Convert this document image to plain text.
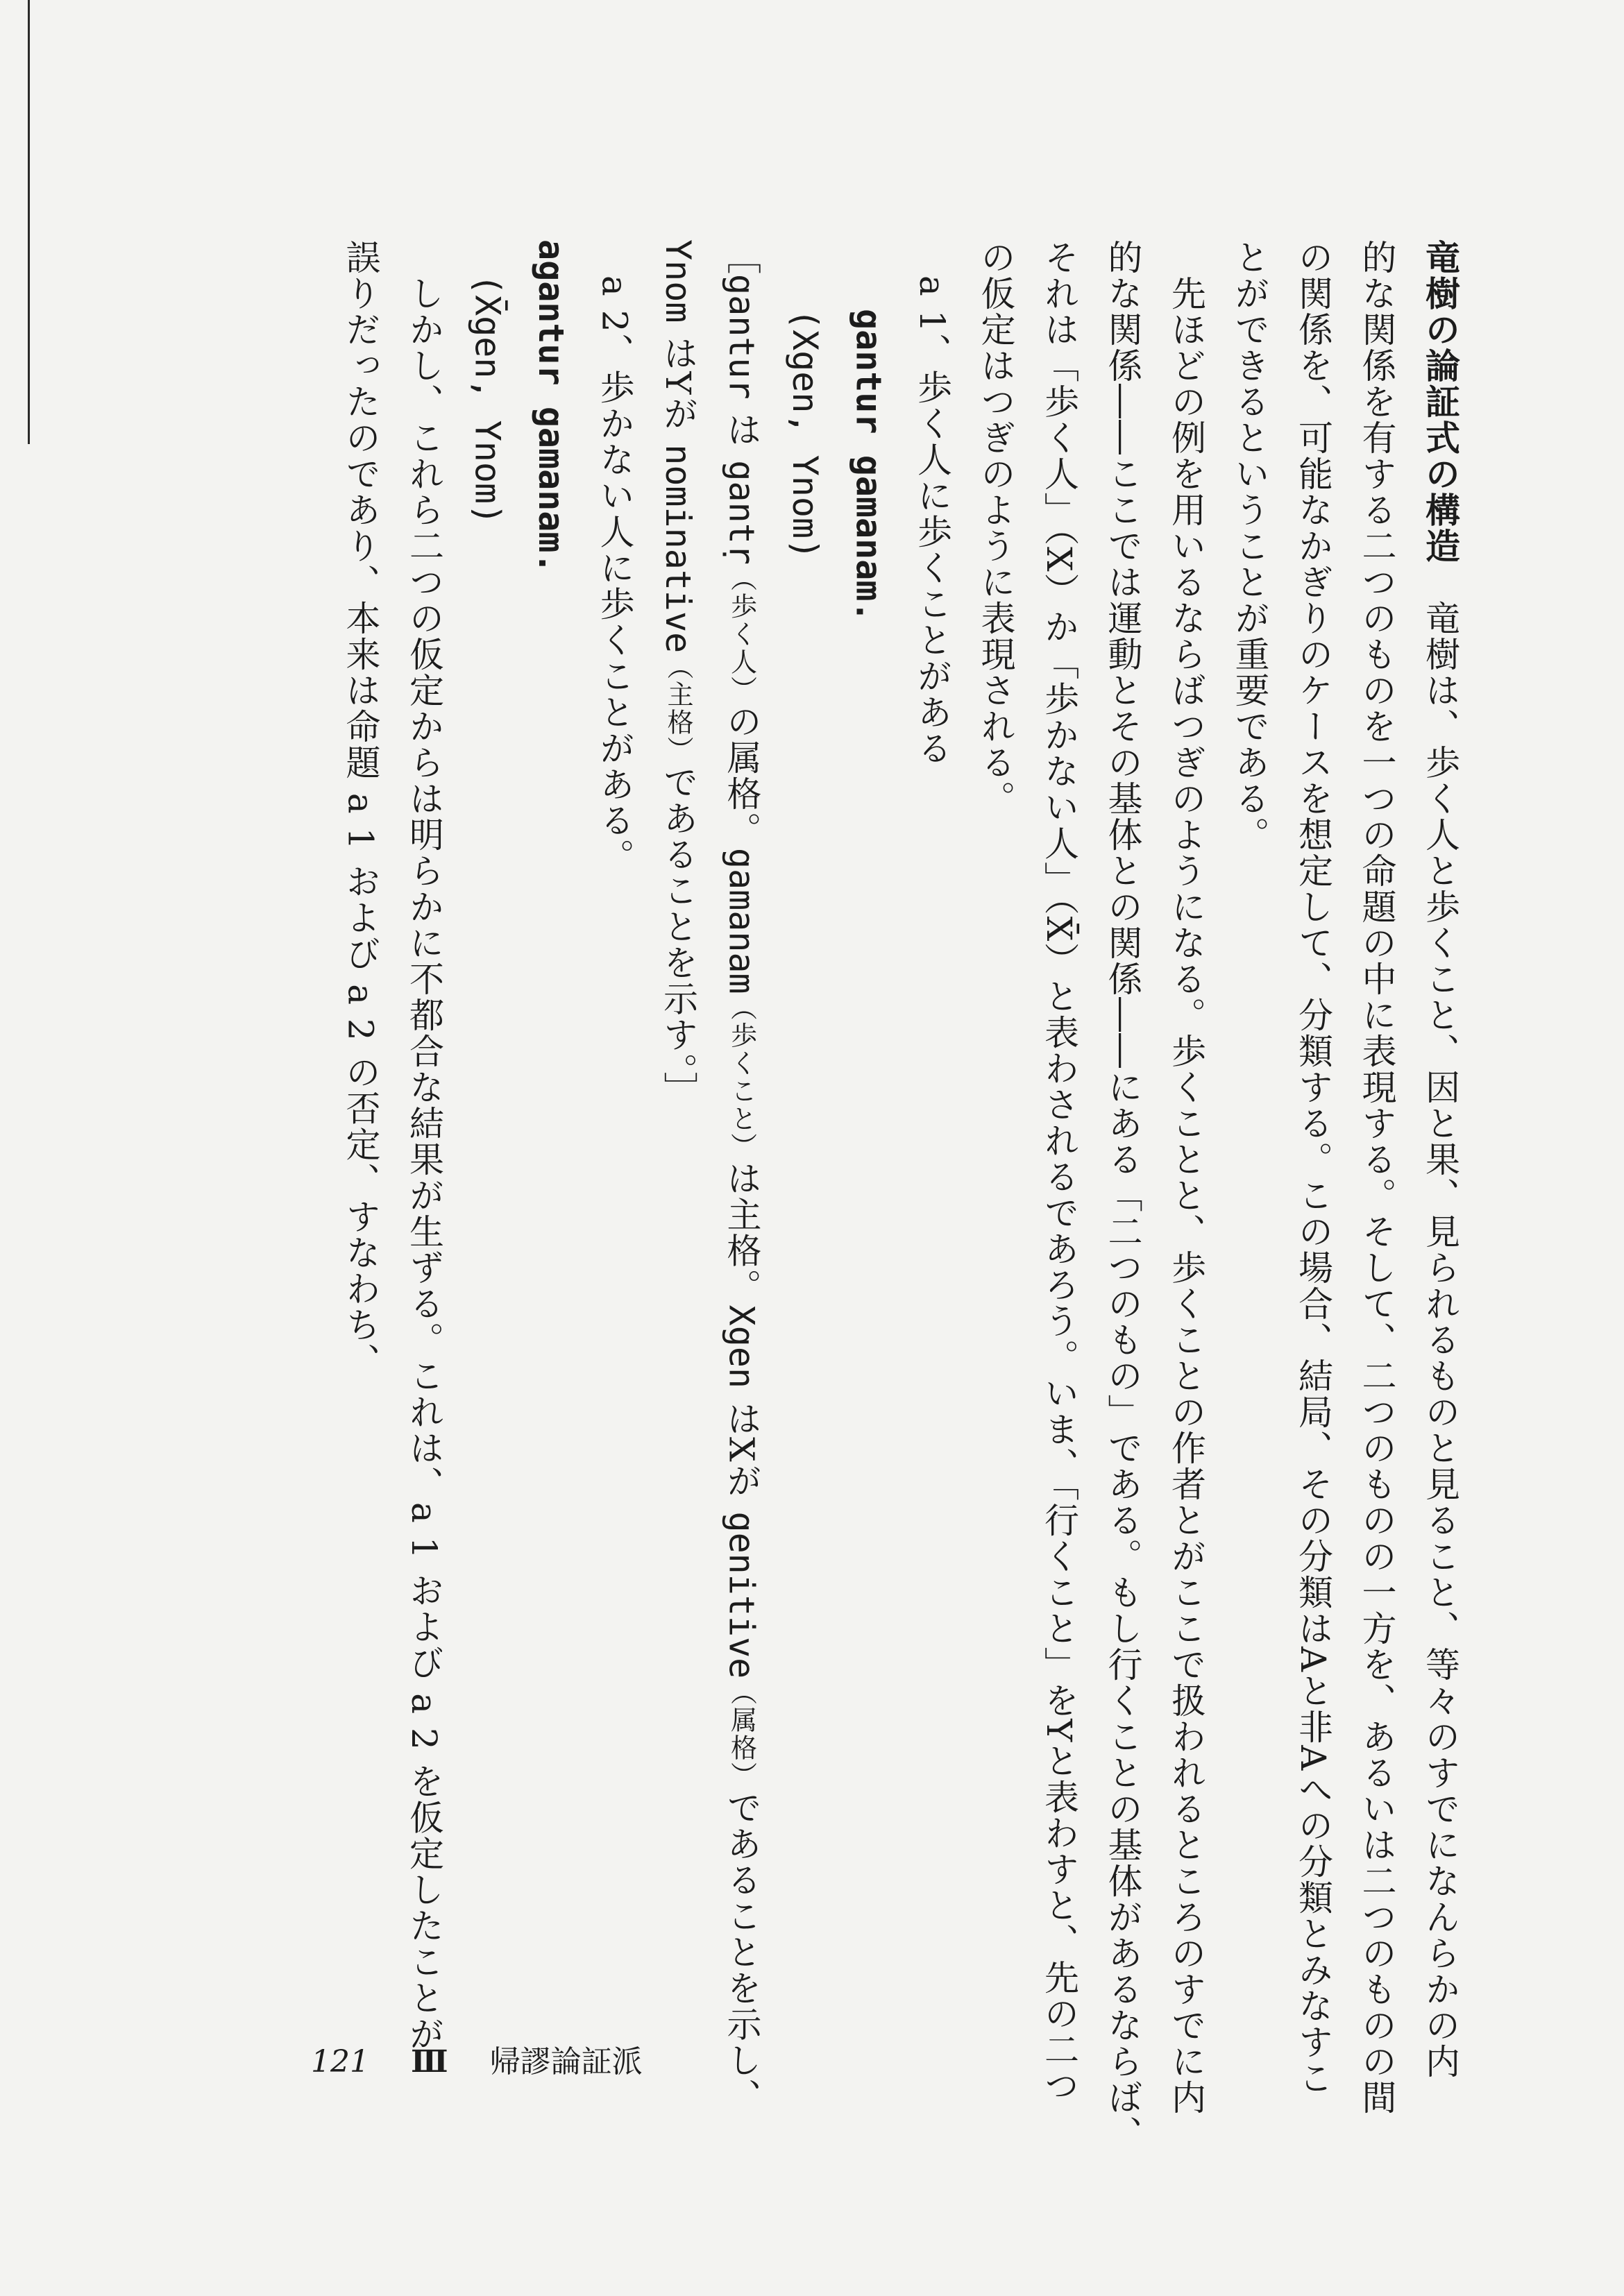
竜樹の論証式の構造　竜樹は、歩く人と歩くこと、因と果、見られるものと見ること、等々のすでになんらかの内
的な関係を有する二つのものを一つの命題の中に表現する。そして、二つのものの一方を、あるいは二つのものの間
の関係を、可能なかぎりのケースを想定して、分類する。この場合、結局、その分類はAと非Aへの分類とみなすこ
とができるということが重要である。
　先ほどの例を用いるならばつぎのようになる。歩くことと、歩くことの作者とがここで扱われるところのすでに内
的な関係――ここでは運動とその基体との関係――にある「二つのもの」である。もし行くことの基体があるならば、
それは「歩く人」（X）か「歩かない人」（X̄）と表わされるであろう。いま、「行くこと」をYと表わすと、先の二つ
の仮定はつぎのように表現される。
　a 1、歩く人に歩くことがある
　　gantur gamanam.
　　(Xgen, Ynom)
［gantur は gantṛ（歩く人）の属格。gamanam（歩くこと）は主格。Xgen はXが genitive（属格）であることを示し、
Ynom はYが nominative（主格）であることを示す。］
　a 2、歩かない人に歩くことがある。
agantur gamanam.
　(X̄gen, Ynom)
　しかし、これら二つの仮定からは明らかに不都合な結果が生ずる。これは、a 1 および a 2 を仮定したことが
誤りだったのであり、本来は命題 a 1 および a 2 の否定、すなわち、
121 Ⅲ 帰謬論証派
